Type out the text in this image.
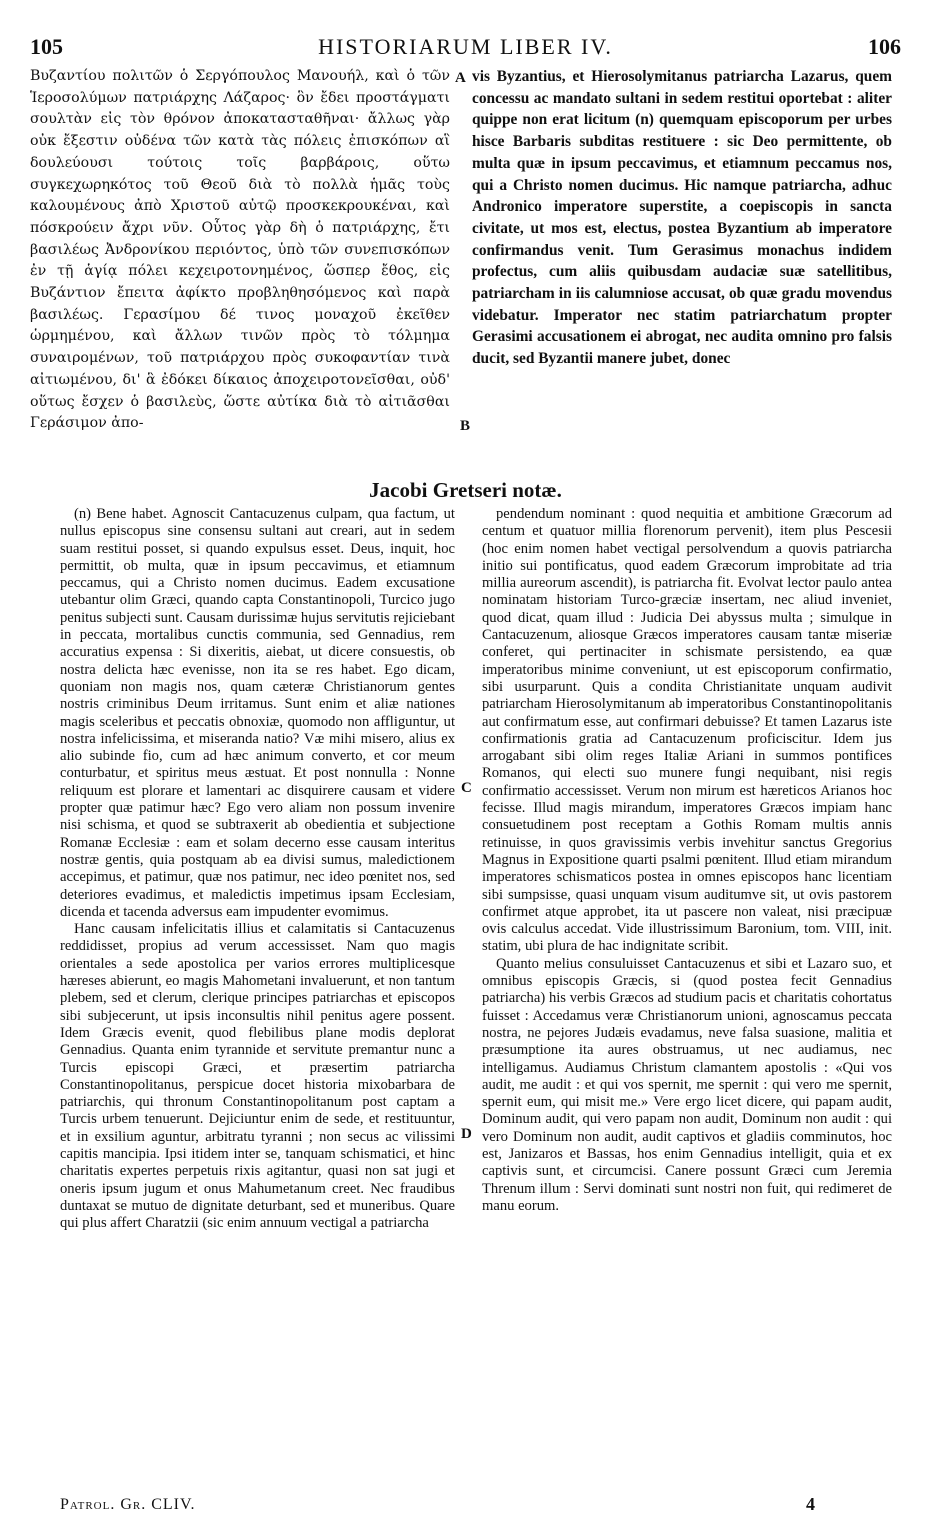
105	HISTORIARUM LIBER IV.	106

Βυζαντίου πολιτῶν ὁ Σεργόπουλος Μανουήλ, καὶ ὁ τῶν Ἱεροσολύμων πατριάρχης Λάζαρος· ὃν ἔδει προστάγματι σουλτὰν εἰς τὸν θρόνον ἀποκατασταθῆναι· ἄλλως γὰρ οὐκ ἔξεστιν οὐδένα τῶν κατὰ τὰς πόλεις ἐπισκόπων αἳ δουλεύουσι τούτοις τοῖς βαρβάροις, οὕτω συγκεχωρηκότος τοῦ Θεοῦ διὰ τὸ πολλὰ ἡμᾶς τοὺς καλουμένους ἀπὸ Χριστοῦ αὐτῷ προσκεκρουκέναι, καὶ πόσκρούειν ἄχρι νῦν. Οὗτος γὰρ δὴ ὁ πατριάρχης, ἔτι βασιλέως Ἀνδρονίκου περιόντος, ὑπὸ τῶν συνεπισκόπων ἐν τῇ ἁγίᾳ πόλει κεχειροτονημένος, ὥσπερ ἔθος, εἰς Βυζάντιον ἔπειτα ἀφίκτο προβληθησόμενος καὶ παρὰ βασιλέως. Γερασίμου δέ τινος μοναχοῦ ἐκεῖθεν ὡρμημένου, καὶ ἄλλων τινῶν πρὸς τὸ τόλμημα συναιρομένων, τοῦ πατριάρχου πρὸς συκοφαντίαν τινὰ αἰτιωμένου, δι' ἃ ἐδόκει δίκαιος ἀποχειροτονεῖσθαι, οὐδ' οὕτως ἔσχεν ὁ βασιλεὺς, ὥστε αὐτίκα διὰ τὸ αἰτιᾶσθαι Γεράσιμον ἀπο-

vis Byzantius, et Hierosolymitanus patriarcha Lazarus, quem concessu ac mandato sultani in sedem restitui oportebat : aliter quippe non erat licitum (n) quemquam episcoporum per urbes hisce Barbaris subditas restituere : sic Deo permittente, ob multa quæ in ipsum peccavimus, et etiamnum peccamus nos, qui a Christo nomen ducimus. Hic namque patriarcha, adhuc Andronico imperatore superstite, a coepiscopis in sancta civitate, ut mos est, electus, postea Byzantium ab imperatore confirmandus venit. Tum Gerasimus monachus indidem profectus, cum aliis quibusdam audaciæ suæ satellitibus, patriarcham in iis calumniose accusat, ob quæ gradu movendus videbatur. Imperator nec statim patriarchatum propter Gerasimi accusationem ei abrogat, nec audita omnino pro falsis ducit, sed Byzantii manere jubet, donec

A
B
C
D
Jacobi Gretseri notæ.

(n) Bene habet. Agnoscit Cantacuzenus culpam, qua factum, ut nullus episcopus sine consensu sultani aut creari, aut in sedem suam restitui posset, si quando expulsus esset. Deus, inquit, hoc permittit, ob multa, quæ in ipsum peccavimus, et etiamnum peccamus, qui a Christo nomen ducimus. Eadem excusatione utebantur olim Græci, quando capta Constantinopoli, Turcico jugo penitus subjecti sunt. Causam durissimæ hujus servitutis rejiciebant in peccata, mortalibus cunctis communia, sed Gennadius, rem accuratius expensa : Si dixeritis, aiebat, ut dicere consuestis, ob nostra delicta hæc evenisse, non ita se res habet. Ego dicam, quoniam non magis nos, quam cæteræ Christianorum gentes nostris criminibus Deum irritamus. Sunt enim et aliæ nationes magis sceleribus et peccatis obnoxiæ, quomodo non affliguntur, ut nostra infelicissima, et miseranda natio? Væ mihi misero, alius ex alio subinde fio, cum ad hæc animum converto, et cor meum conturbatur, et spiritus meus æstuat. Et post nonnulla : Nonne reliquum est plorare et lamentari ac disquirere causam et videre propter quæ patimur hæc? Ego vero aliam non possum invenire nisi schisma, et quod se subtraxerit ab obedientia et subjectione Romanæ Ecclesiæ : eam et solam decerno esse causam interitus nostræ gentis, quia postquam ab ea divisi sumus, maledictionem accepimus, et patimur, quæ nos patimur, nec ideo pœnitet nos, sed deteriores evadimus, et maledictis impetimus ipsam Ecclesiam, dicenda et tacenda adversus eam impudenter evomimus.

Hanc causam infelicitatis illius et calamitatis si Cantacuzenus reddidisset, propius ad verum accessisset. Nam quo magis orientales a sede apostolica per varios errores multiplicesque hæreses abierunt, eo magis Mahometani invaluerunt, et non tantum plebem, sed et clerum, clerique principes patriarchas et episcopos sibi subjecerunt, ut ipsis inconsultis nihil penitus agere possent. Idem Græcis evenit, quod flebilibus plane modis deplorat Gennadius. Quanta enim tyrannide et servitute premantur nunc a Turcis episcopi Græci, et præsertim patriarcha Constantinopolitanus, perspicue docet historia mixobarbara de patriarchis, qui thronum Constantinopolitanum post captam a Turcis urbem tenuerunt. Dejiciuntur enim de sede, et restituuntur, et in exsilium aguntur, arbitratu tyranni ; non secus ac vilissimi capitis mancipia. Ipsi itidem inter se, tanquam schismatici, et hinc charitatis expertes perpetuis rixis agitantur, quasi non sat jugi et oneris ipsum jugum et onus Mahumetanum creet. Nec fraudibus duntaxat se mutuo de dignitate deturbant, sed et muneribus. Quare qui plus affert Charatzii (sic enim annuum vectigal a patriarcha

pendendum nominant : quod nequitia et ambitione Græcorum ad centum et quatuor millia florenorum pervenit), item plus Pescesii (hoc enim nomen habet vectigal persolvendum a quovis patriarcha initio sui pontificatus, quod eadem Græcorum improbitate ad tria millia aureorum ascendit), is patriarcha fit. Evolvat lector paulo antea nominatam historiam Turco-græciæ insertam, nec aliud inveniet, quod dicat, quam illud : Judicia Dei abyssus multa ; simulque in Cantacuzenum, aliosque Græcos imperatores causam tantæ miseriæ conferet, qui pertinaciter in schismate persistendo, ea quæ imperatoribus minime conveniunt, ut est episcoporum confirmatio, sibi usurparunt. Quis a condita Christianitate unquam audivit patriarcham Hierosolymitanum ab imperatoribus Constantinopolitanis aut confirmatum esse, aut confirmari debuisse? Et tamen Lazarus iste confirmationis gratia ad Cantacuzenum proficiscitur. Idem jus arrogabant sibi olim reges Italiæ Ariani in summos pontifices Romanos, qui electi suo munere fungi nequibant, nisi regis confirmatio accessisset. Verum non mirum est hæreticos Arianos hoc fecisse. Illud magis mirandum, imperatores Græcos impiam hanc consuetudinem post receptam a Gothis Romam multis annis retinuisse, in quos gravissimis verbis invehitur sanctus Gregorius Magnus in Expositione quarti psalmi pœnitent. Illud etiam mirandum imperatores schismaticos postea in omnes episcopos hanc licentiam sibi sumpsisse, quasi unquam visum auditumve sit, ut ovis pastorem confirmet atque approbet, ita ut pascere non valeat, nisi præcipuæ ovis calculus accedat. Vide illustrissimum Baronium, tom. VIII, init. statim, ubi plura de hac indignitate scribit.

Quanto melius consuluisset Cantacuzenus et sibi et Lazaro suo, et omnibus episcopis Græcis, si (quod postea fecit Gennadius patriarcha) his verbis Græcos ad studium pacis et charitatis cohortatus fuisset : Accedamus veræ Christianorum unioni, agnoscamus peccata nostra, ne pejores Judæis evadamus, neve falsa suasione, malitia et præsumptione ita aures obstruamus, ut nec audiamus, nec intelligamus. Audiamus Christum clamantem apostolis : «Qui vos audit, me audit : et qui vos spernit, me spernit : qui vero me spernit, spernit eum, qui misit me.» Vere ergo licet dicere, qui papam audit, Dominum audit, qui vero papam non audit, Dominum non audit : qui vero Dominum non audit, audit captivos et gladiis comminutos, hoc est, Janizaros et Bassas, hos enim Gennadius intelligit, quia et ex captivis sunt, et circumcisi. Canere possunt Græci cum Jeremia Threnum illum : Servi dominati sunt nostri non fuit, qui redimeret de manu eorum.

Patrol. Gr. CLIV.	4
